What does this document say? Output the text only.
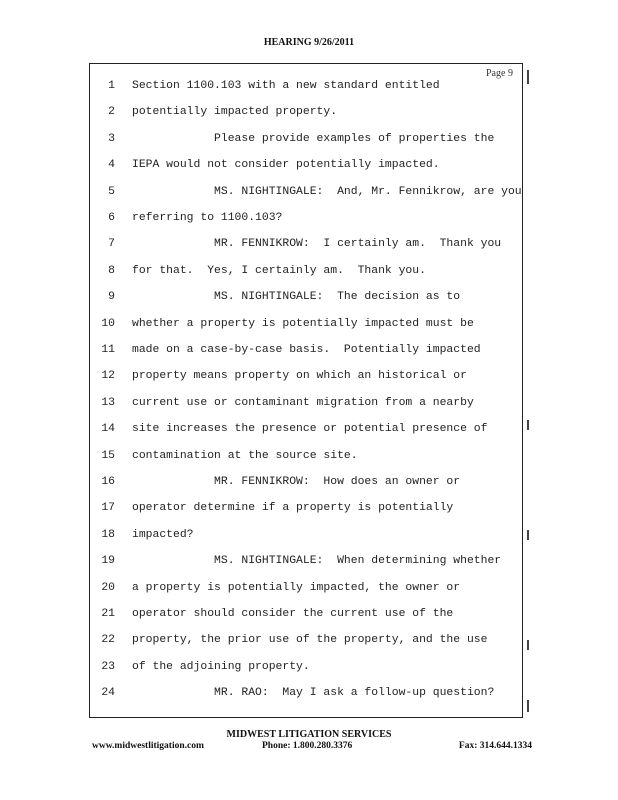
HEARING 9/26/2011
Page 9
1 Section 1100.103 with a new standard entitled
2 potentially impacted property.
3 Please provide examples of properties the
4 IEPA would not consider potentially impacted.
5 MS. NIGHTINGALE:  And, Mr. Fennikrow, are you
6 referring to 1100.103?
7 MR. FENNIKROW:  I certainly am.  Thank you
8 for that.  Yes, I certainly am.  Thank you.
9 MS. NIGHTINGALE:  The decision as to
10 whether a property is potentially impacted must be
11 made on a case-by-case basis.  Potentially impacted
12 property means property on which an historical or
13 current use or contaminant migration from a nearby
14 site increases the presence or potential presence of
15 contamination at the source site.
16 MR. FENNIKROW:  How does an owner or
17 operator determine if a property is potentially
18 impacted?
19 MS. NIGHTINGALE:  When determining whether
20 a property is potentially impacted, the owner or
21 operator should consider the current use of the
22 property, the prior use of the property, and the use
23 of the adjoining property.
24 MR. RAO:  May I ask a follow-up question?
MIDWEST LITIGATION SERVICES
www.midwestlitigation.com	Phone: 1.800.280.3376	Fax: 314.644.1334
